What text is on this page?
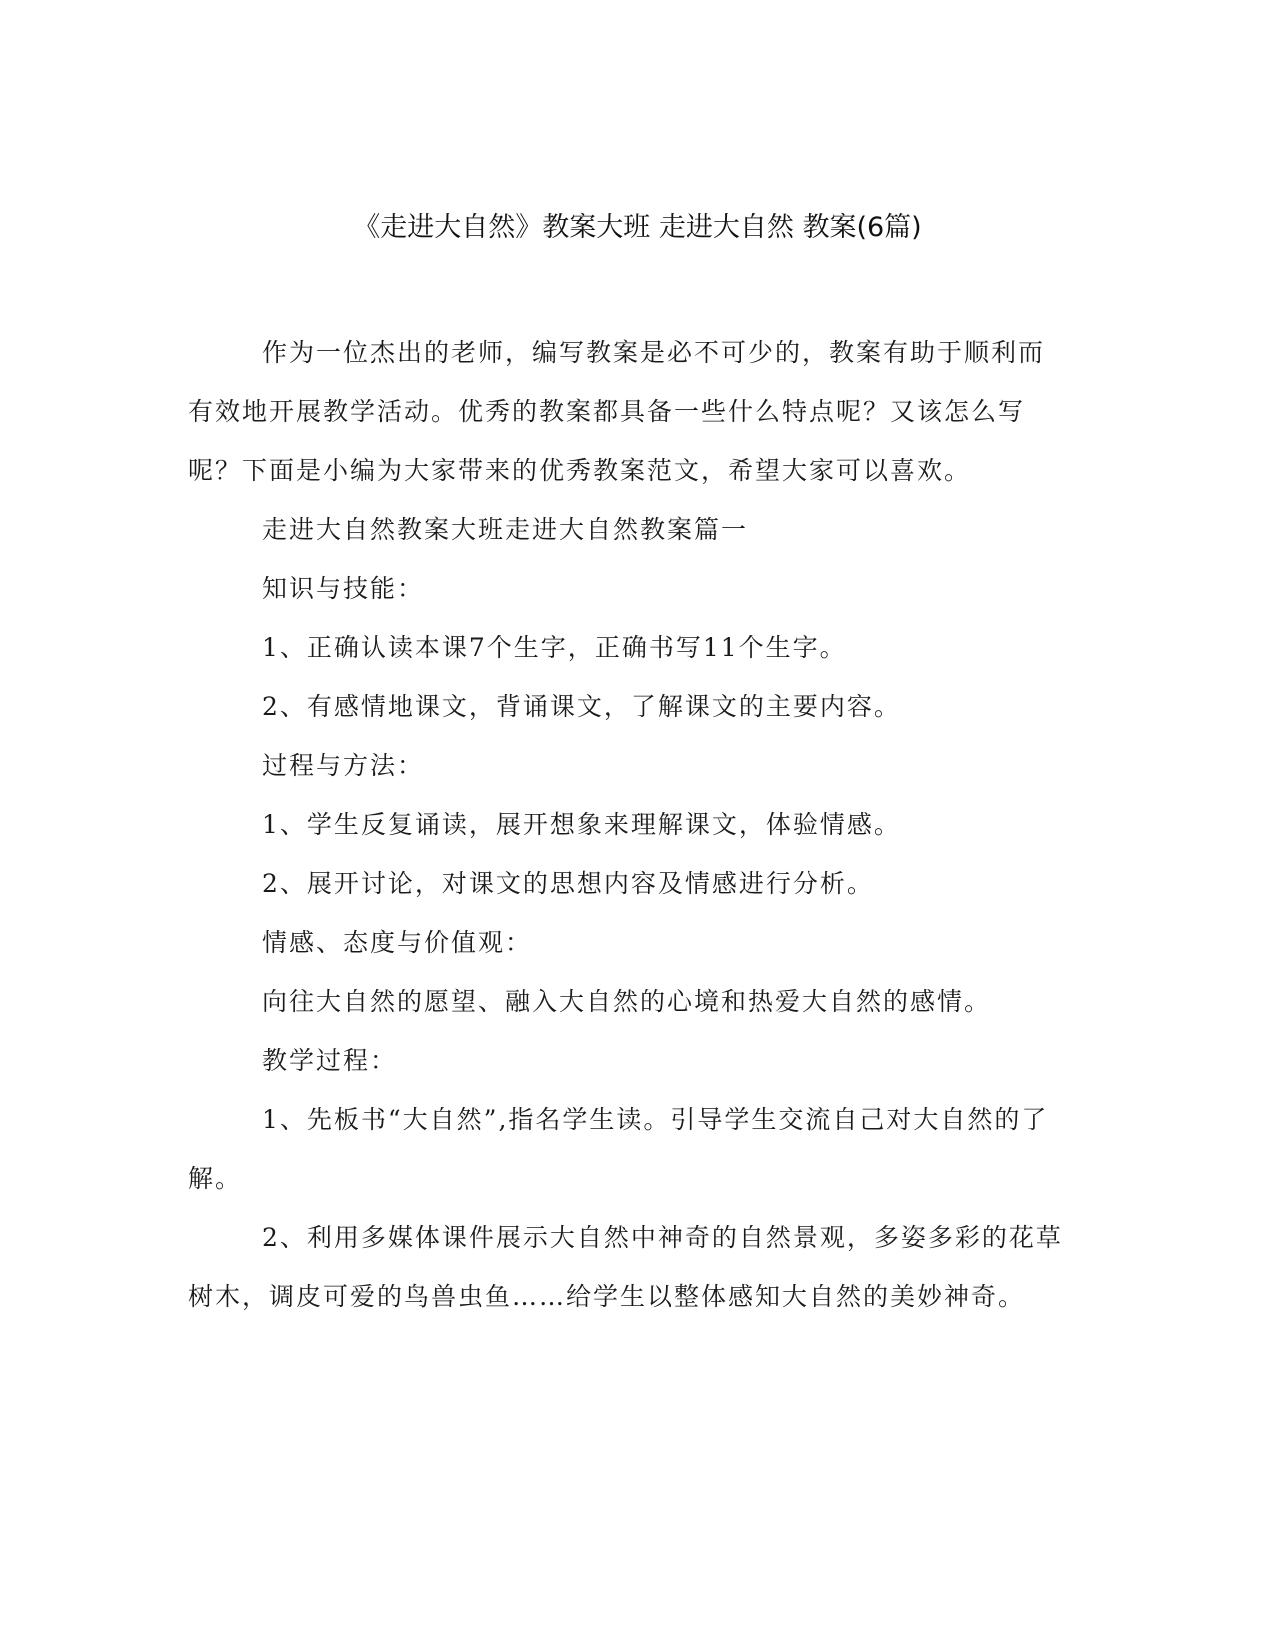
《走进大自然》教案大班 走进大自然 教案(6篇)

作为一位杰出的老师，编写教案是必不可少的，教案有助于顺利而有效地开展教学活动。优秀的教案都具备一些什么特点呢？又该怎么写呢？下面是小编为大家带来的优秀教案范文，希望大家可以喜欢。

走进大自然教案大班走进大自然教案篇一

知识与技能：

1、正确认读本课7个生字，正确书写11个生字。

2、有感情地课文，背诵课文，了解课文的主要内容。

过程与方法：

1、学生反复诵读，展开想象来理解课文，体验情感。

2、展开讨论，对课文的思想内容及情感进行分析。

情感、态度与价值观：

向往大自然的愿望、融入大自然的心境和热爱大自然的感情。

教学过程：

1、先板书“大自然”,指名学生读。引导学生交流自己对大自然的了解。

2、利用多媒体课件展示大自然中神奇的自然景观，多姿多彩的花草树木，调皮可爱的鸟兽虫鱼……给学生以整体感知大自然的美妙神奇。
